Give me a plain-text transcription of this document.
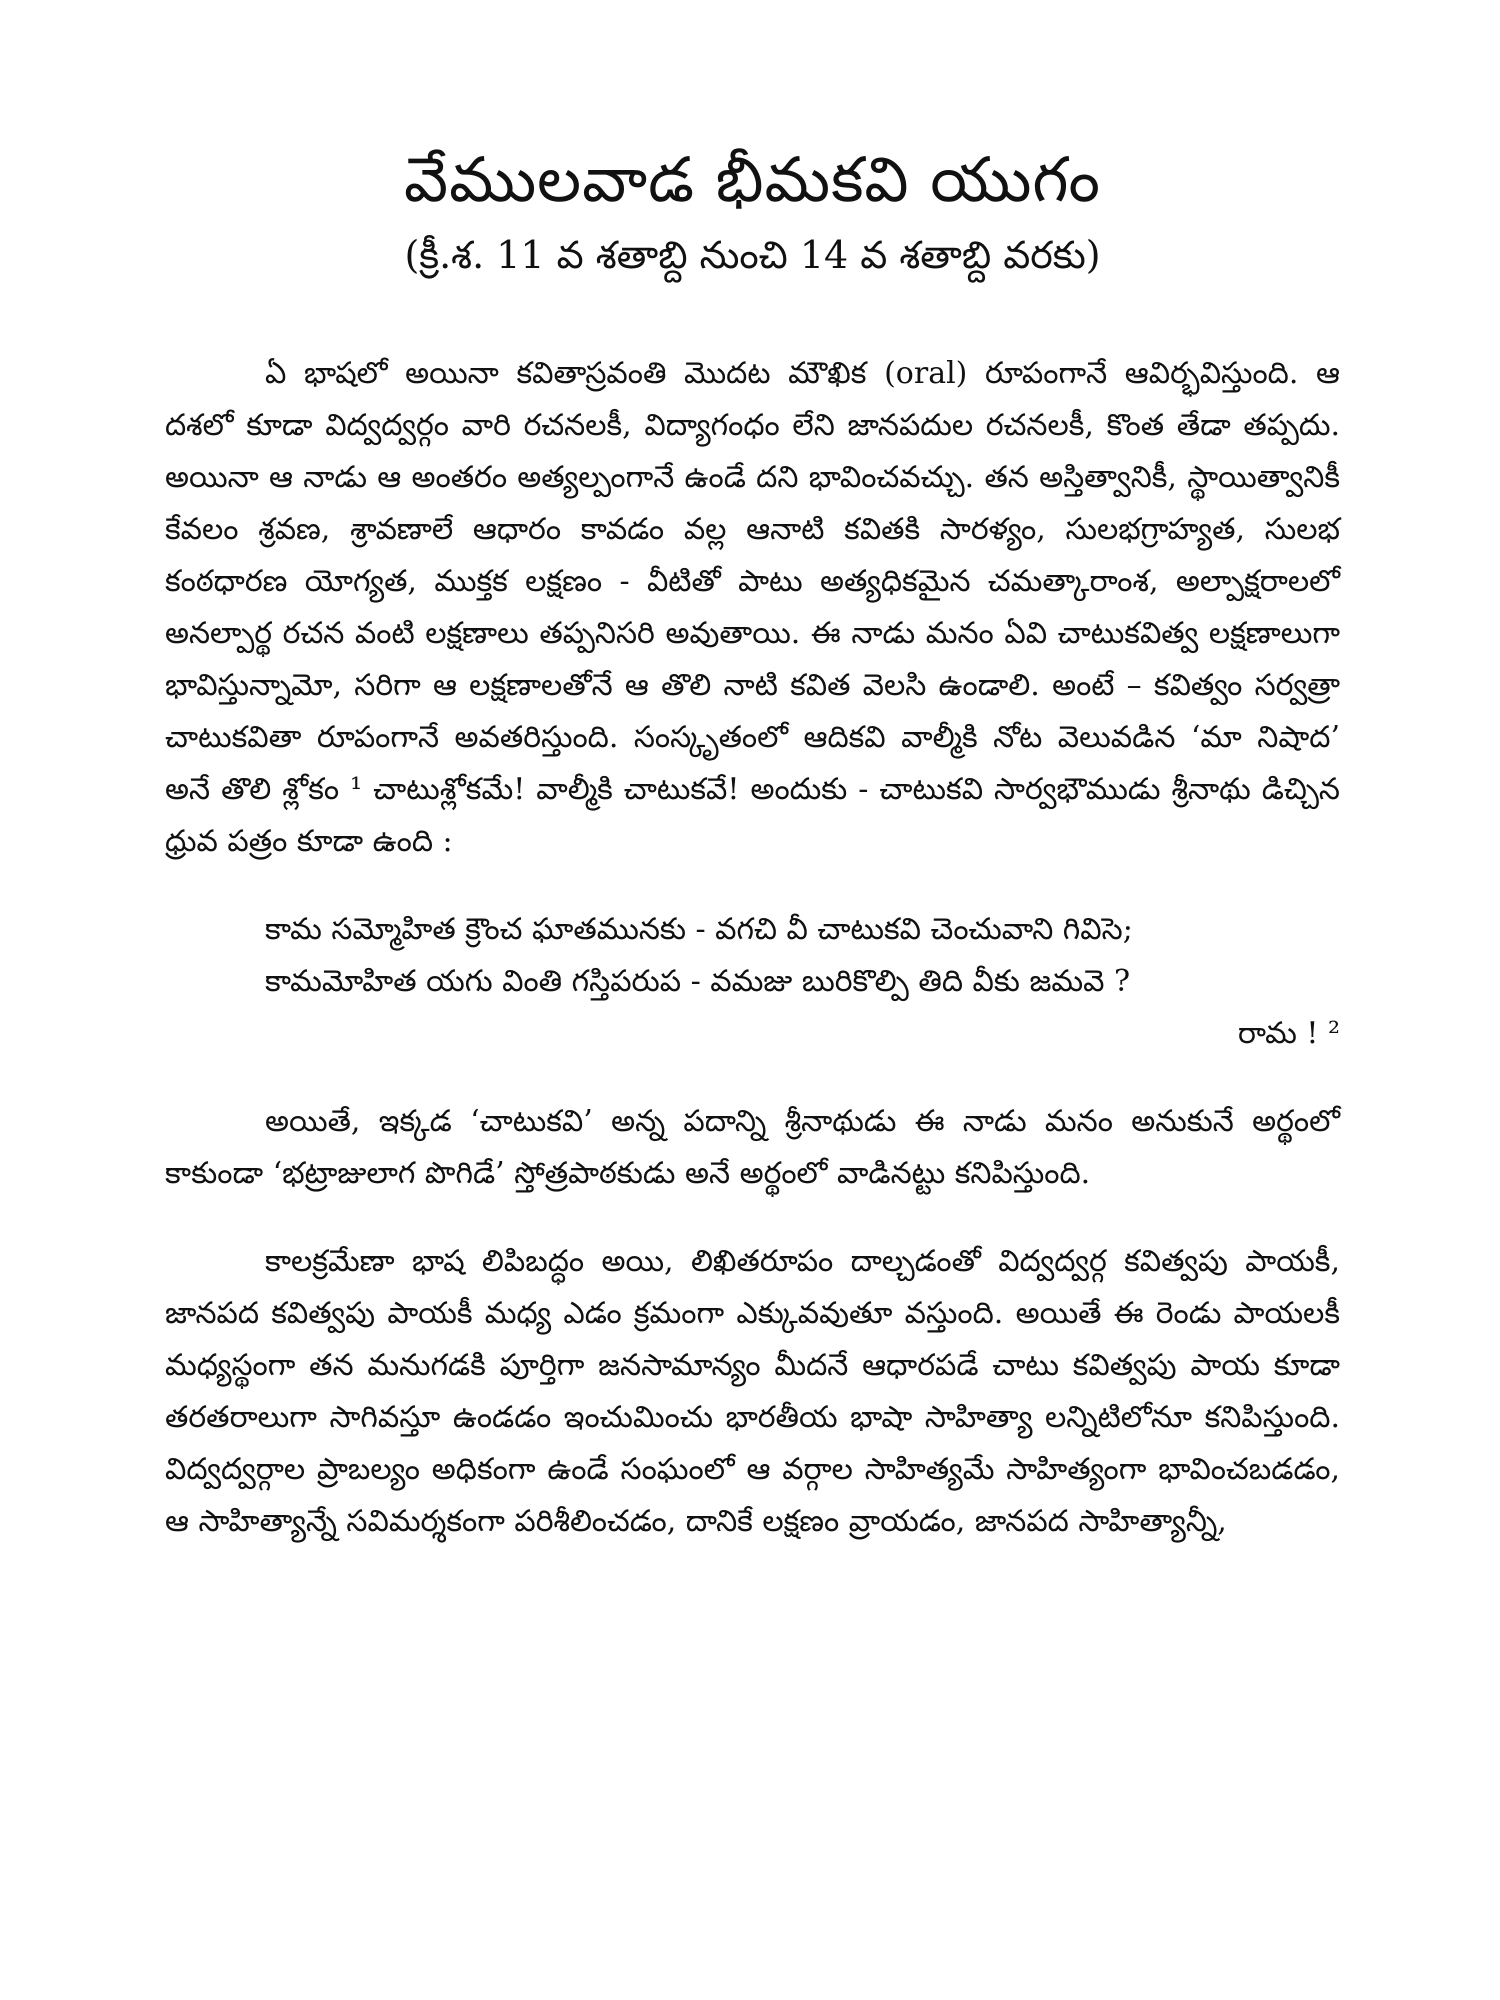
వేములవాడ భీమకవి యుగం
(క్రీ.శ. 11 వ శతాబ్ది నుంచి 14 వ శతాబ్ది వరకు)

ఏ భాషలో అయినా కవితాస్రవంతి మొదట మౌఖిక (oral) రూపంగానే ఆవిర్భవిస్తుంది. ఆ దశలో కూడా విద్వద్వర్గం వారి రచనలకీ, విద్యాగంధం లేని జానపదుల రచనలకీ, కొంత తేడా తప్పదు. అయినా ఆ నాడు ఆ అంతరం అత్యల్పంగానే ఉండే దని భావించవచ్చు. తన అస్తిత్వానికీ, స్థాయిత్వానికీ కేవలం శ్రవణ, శ్రావణాలే ఆధారం కావడం వల్ల ఆనాటి కవితకి సారళ్యం, సులభగ్రాహ్యత, సులభ కంఠధారణ యోగ్యత, ముక్తక లక్షణం - వీటితో పాటు అత్యధికమైన చమత్కారాంశ, అల్పాక్షరాలలో అనల్పార్థ రచన వంటి లక్షణాలు తప్పనిసరి అవుతాయి. ఈ నాడు మనం ఏవి చాటుకవిత్వ లక్షణాలుగా భావిస్తున్నామో, సరిగా ఆ లక్షణాలతోనే ఆ తొలి నాటి కవిత వెలసి ఉండాలి. అంటే – కవిత్వం సర్వత్రా చాటుకవితా రూపంగానే అవతరిస్తుంది. సంస్కృతంలో ఆదికవి వాల్మీకి నోట వెలువడిన ‘మా నిషాద’ అనే తొలి శ్లోకం ¹ చాటుశ్లోకమే! వాల్మీకి చాటుకవే! అందుకు - చాటుకవి సార్వభౌముడు శ్రీనాథు డిచ్చిన ధ్రువ పత్రం కూడా ఉంది :

కామ సమ్మోహిత క్రౌంచ ఘాతమునకు - వగచి వీ చాటుకవి చెంచువాని గివిసె;
కామమోహిత యగు వింతి గస్తిపరుప - వమజు బురికొల్పి తిది వీకు జమవె ?
రామ ! ²

అయితే, ఇక్కడ ‘చాటుకవి’ అన్న పదాన్ని శ్రీనాథుడు ఈ నాడు మనం అనుకునే అర్థంలో కాకుండా ‘భట్రాజులాగ పొగిడే’ స్తోత్రపాఠకుడు అనే అర్థంలో వాడినట్టు కనిపిస్తుంది.

కాలక్రమేణా భాష లిపిబద్ధం అయి, లిఖితరూపం దాల్చడంతో విద్వద్వర్గ కవిత్వపు పాయకీ, జానపద కవిత్వపు పాయకీ మధ్య ఎడం క్రమంగా ఎక్కువవుతూ వస్తుంది. అయితే ఈ రెండు పాయలకీ మధ్యస్థంగా తన మనుగడకి పూర్తిగా జనసామాన్యం మీదనే ఆధారపడే చాటు కవిత్వపు పాయ కూడా తరతరాలుగా సాగివస్తూ ఉండడం ఇంచుమించు భారతీయ భాషా సాహిత్యా లన్నిటిలోనూ కనిపిస్తుంది. విద్వద్వర్గాల ప్రాబల్యం అధికంగా ఉండే సంఘంలో ఆ వర్గాల సాహిత్యమే సాహిత్యంగా భావించబడడం, ఆ సాహిత్యాన్నే సవిమర్శకంగా పరిశీలించడం, దానికే లక్షణం వ్రాయడం, జానపద సాహిత్యాన్నీ,
